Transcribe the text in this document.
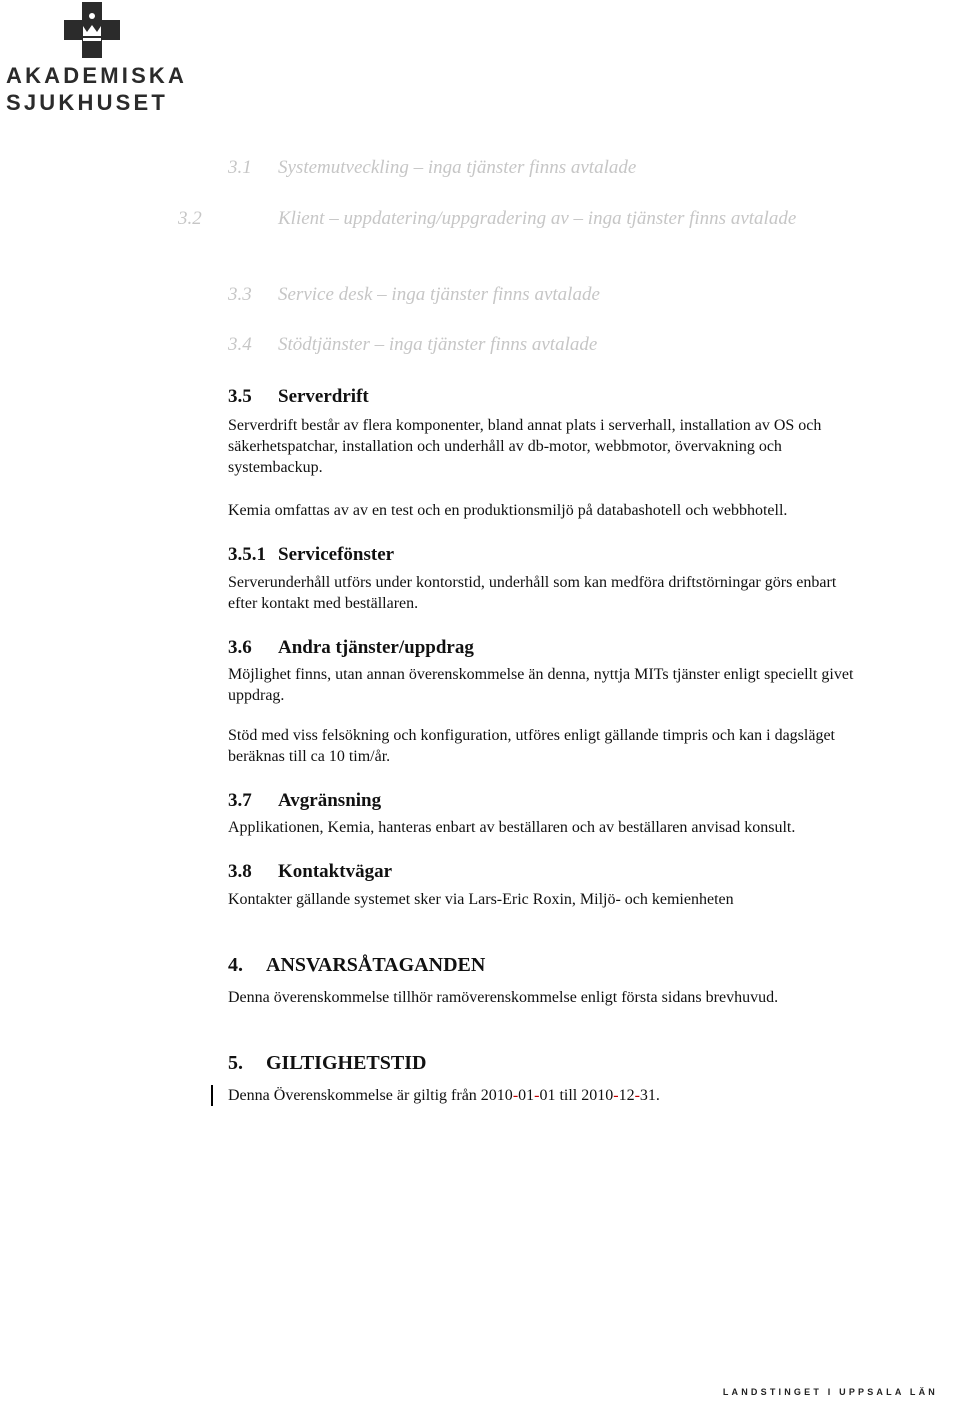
AKADEMISKA
SJUKHUSET
3.1 Systemutveckling – inga tjänster finns avtalade
3.2	Klient – uppdatering/uppgradering av – inga tjänster finns avtalade
3.3 Service desk – inga tjänster finns avtalade
3.4 Stödtjänster – inga tjänster finns avtalade
3.5 Serverdrift
Serverdrift består av flera komponenter, bland annat plats i serverhall, installation av OS och säkerhetspatchar, installation och underhåll av db-motor, webbmotor, övervakning och systembackup.
Kemia omfattas av av en test och en produktionsmiljö på databashotell och webbhotell.
3.5.1 Servicefönster
Serverunderhåll utförs under kontorstid, underhåll som kan medföra driftstörningar görs enbart efter kontakt med beställaren.
3.6 Andra tjänster/uppdrag
Möjlighet finns, utan annan överenskommelse än denna, nyttja MITs tjänster enligt speciellt givet uppdrag.
Stöd med viss felsökning och konfiguration, utföres enligt gällande timpris och kan i dagsläget beräknas till ca 10 tim/år.
3.7 Avgränsning
Applikationen, Kemia, hanteras enbart av beställaren och av beställaren anvisad konsult.
3.8 Kontaktvägar
Kontakter gällande systemet sker via Lars-Eric Roxin, Miljö- och kemienheten
4. ANSVARSÅTAGANDEN
Denna överenskommelse tillhör ramöverenskommelse enligt första sidans brevhuvud.
5. GILTIGHETSTID
Denna Överenskommelse är giltig från 2010-01-01 till 2010-12-31.
LANDSTINGET I UPPSALA LÄN
